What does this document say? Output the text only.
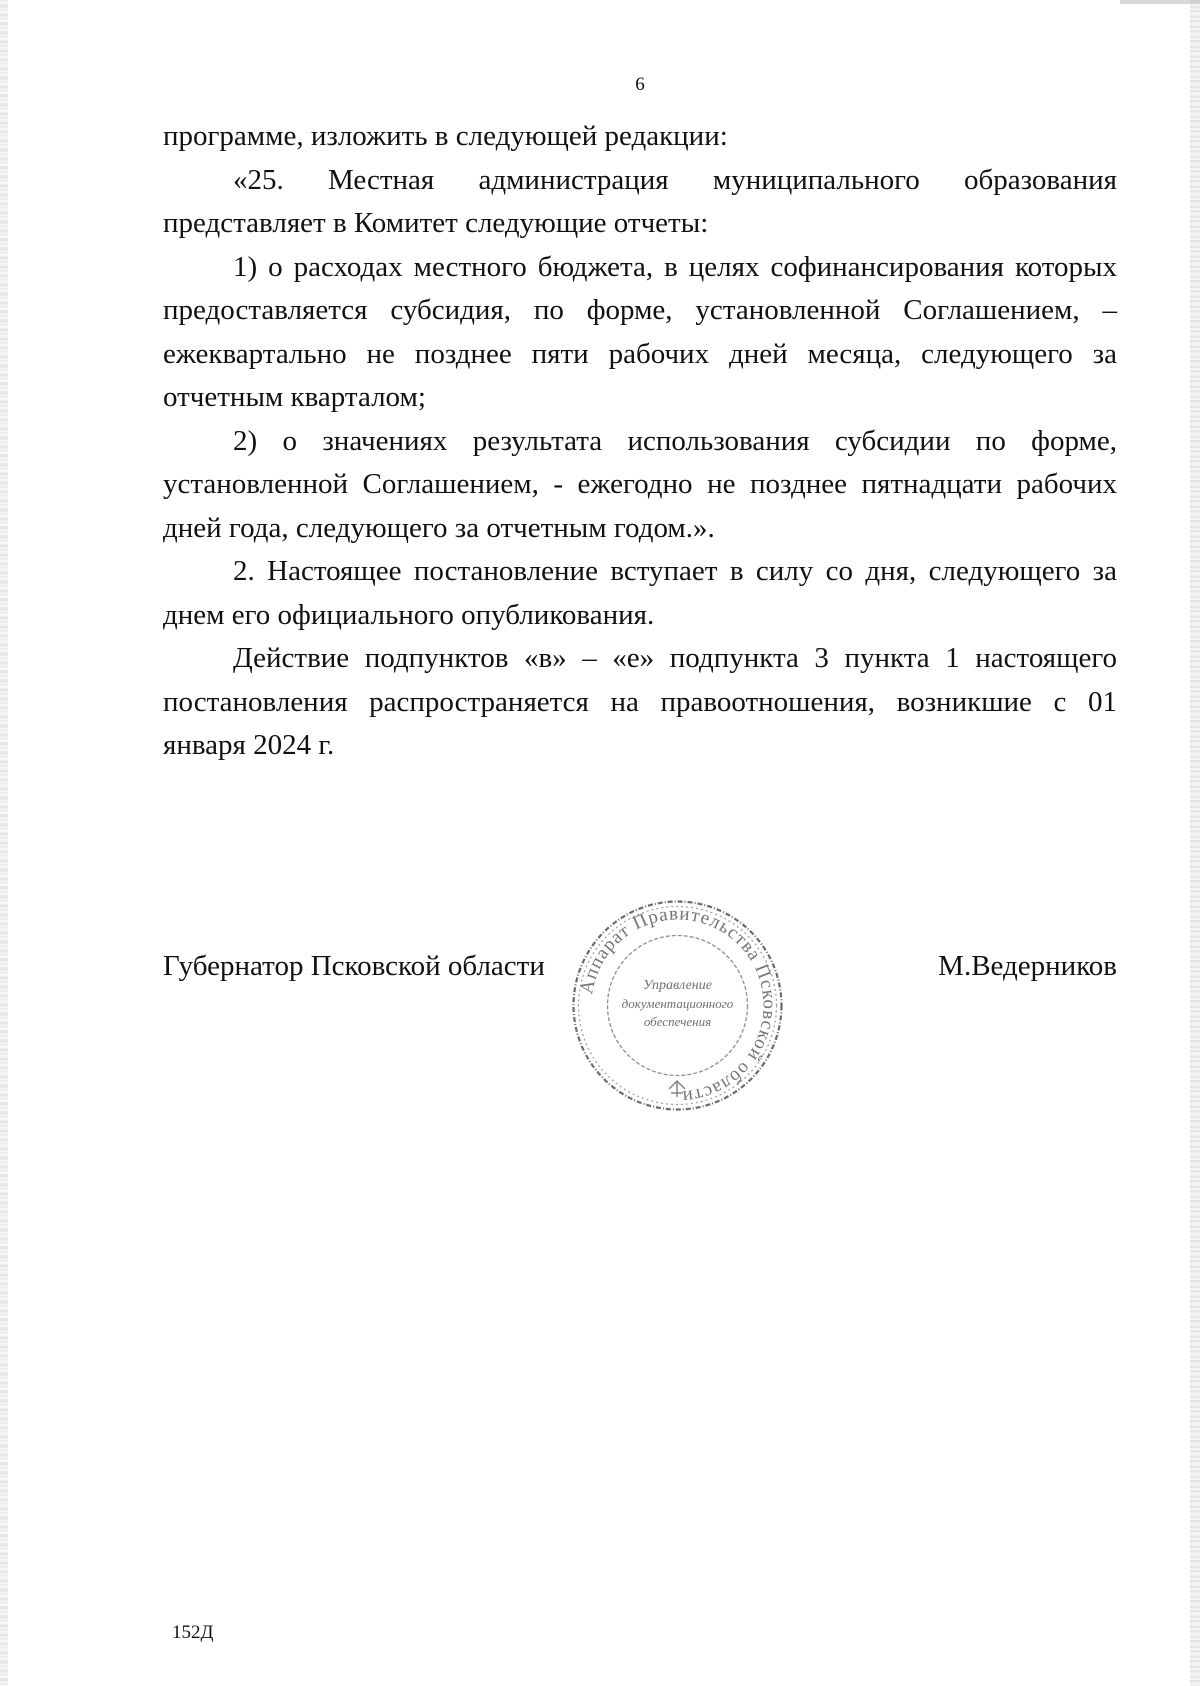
6

программе, изложить в следующей редакции:

«25. Местная администрация муниципального образования представляет в Комитет следующие отчеты:

1) о расходах местного бюджета, в целях софинансирования которых предоставляется субсидия, по форме, установленной Соглашением, – ежеквартально не позднее пяти рабочих дней месяца, следующего за отчетным кварталом;

2) о значениях результата использования субсидии по форме, установленной Соглашением, - ежегодно не позднее пятнадцати рабочих дней года, следующего за отчетным годом.».

2. Настоящее постановление вступает в силу со дня, следующего за днем его официального опубликования.

Действие подпунктов «в» – «е» подпункта 3 пункта 1 настоящего постановления распространяется на правоотношения, возникшие с 01 января 2024 г.

Губернатор Псковской области	М.Ведерников
Аппарат Правительства Псковской области
Управление
документационного
обеспечения
152Д
